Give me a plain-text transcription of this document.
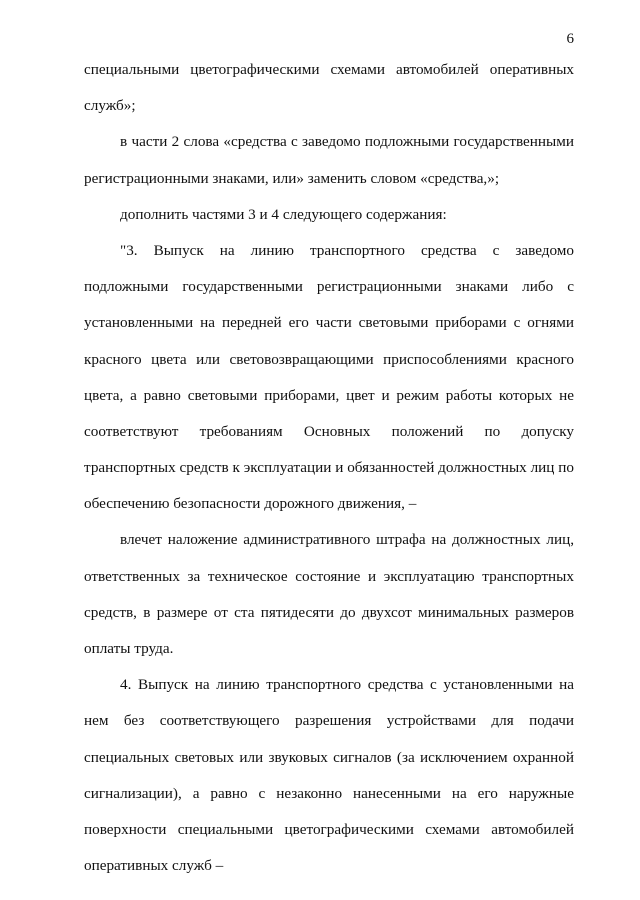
6
специальными цветографическими схемами автомобилей оперативных
служб»;
в части 2 слова «средства с заведомо подложными государственными
регистрационными знаками, или» заменить словом «средства,»;
дополнить частями 3 и 4 следующего содержания:
"3. Выпуск на линию транспортного средства с заведомо
подложными государственными регистрационными знаками либо с
установленными на передней его части световыми приборами с огнями
красного цвета или световозвращающими приспособлениями красного
цвета, а равно световыми приборами, цвет и режим работы которых не
соответствуют требованиям Основных положений по допуску
транспортных средств к эксплуатации и обязанностей должностных лиц по
обеспечению безопасности дорожного движения, –
влечет наложение административного штрафа на должностных лиц,
ответственных за техническое состояние и эксплуатацию транспортных
средств, в размере от ста пятидесяти до двухсот минимальных размеров
оплаты труда.
4. Выпуск на линию транспортного средства с установленными на
нем без соответствующего разрешения устройствами для подачи
специальных световых или звуковых сигналов (за исключением охранной
сигнализации), а равно с незаконно нанесенными на его наружные
поверхности специальными цветографическими схемами автомобилей
оперативных служб –
